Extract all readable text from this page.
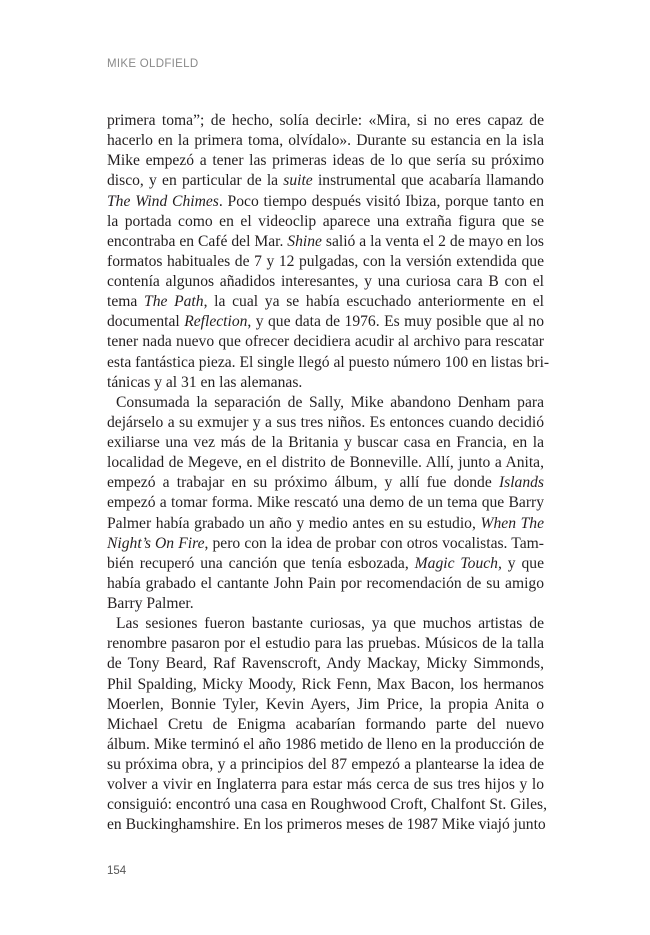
MIKE OLDFIELD
primera toma”; de hecho, solía decirle: «Mira, si no eres capaz de
hacerlo en la primera toma, olvídalo». Durante su estancia en la isla
Mike empezó a tener las primeras ideas de lo que sería su próximo
disco, y en particular de la suite instrumental que acabaría llamando
The Wind Chimes. Poco tiempo después visitó Ibiza, porque tanto en
la portada como en el videoclip aparece una extraña figura que se
encontraba en Café del Mar. Shine salió a la venta el 2 de mayo en los
formatos habituales de 7 y 12 pulgadas, con la versión extendida que
contenía algunos añadidos interesantes, y una curiosa cara B con el
tema The Path, la cual ya se había escuchado anteriormente en el
documental Reflection, y que data de 1976. Es muy posible que al no
tener nada nuevo que ofrecer decidiera acudir al archivo para rescatar
esta fantástica pieza. El single llegó al puesto número 100 en listas bri-
tánicas y al 31 en las alemanas.
Consumada la separación de Sally, Mike abandono Denham para
dejárselo a su exmujer y a sus tres niños. Es entonces cuando decidió
exiliarse una vez más de la Britania y buscar casa en Francia, en la
localidad de Megeve, en el distrito de Bonneville. Allí, junto a Anita,
empezó a trabajar en su próximo álbum, y allí fue donde Islands
empezó a tomar forma. Mike rescató una demo de un tema que Barry
Palmer había grabado un año y medio antes en su estudio, When The
Night’s On Fire, pero con la idea de probar con otros vocalistas. Tam-
bién recuperó una canción que tenía esbozada, Magic Touch, y que
había grabado el cantante John Pain por recomendación de su amigo
Barry Palmer.
Las sesiones fueron bastante curiosas, ya que muchos artistas de
renombre pasaron por el estudio para las pruebas. Músicos de la talla
de Tony Beard, Raf Ravenscroft, Andy Mackay, Micky Simmonds,
Phil Spalding, Micky Moody, Rick Fenn, Max Bacon, los hermanos
Moerlen, Bonnie Tyler, Kevin Ayers, Jim Price, la propia Anita o
Michael Cretu de Enigma acabarían formando parte del nuevo
álbum. Mike terminó el año 1986 metido de lleno en la producción de
su próxima obra, y a principios del 87 empezó a plantearse la idea de
volver a vivir en Inglaterra para estar más cerca de sus tres hijos y lo
consiguió: encontró una casa en Roughwood Croft, Chalfont St. Giles,
en Buckinghamshire. En los primeros meses de 1987 Mike viajó junto
154
